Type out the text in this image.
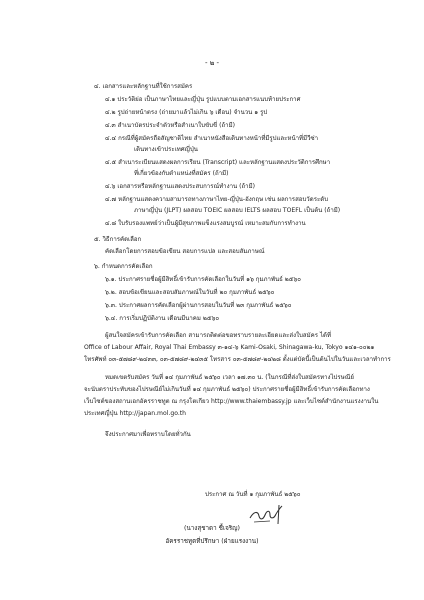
- ๒ -
๔. เอกสารและหลักฐานที่ใช้การสมัคร
๔.๑ ประวัติย่อ เป็นภาษาไทยและญี่ปุ่น รูปแบบตามเอกสารแนบท้ายประกาศ
๔.๒ รูปถ่ายหน้าตรง (ถ่ายมาแล้วไม่เกิน ๖ เดือน) จำนวน ๑ รูป
๔.๓ สำเนาบัตรประจำตัวหรือสำเนาใบขับขี่ (ถ้ามี)
๔.๔ กรณีที่ผู้สมัครถือสัญชาติไทย สำเนาหนังสือเดินทางหน้าที่มีรูปและหน้าที่มีวีซ่า
เดินทางเข้าประเทศญี่ปุ่น
๔.๕ สำเนาระเบียนแสดงผลการเรียน (Transcript) และหลักฐานแสดงประวัติการศึกษา
ที่เกี่ยวข้องกับตำแหน่งที่สมัคร (ถ้ามี)
๔.๖ เอกสารหรือหลักฐานแสดงประสบการณ์ทำงาน (ถ้ามี)
๔.๗ หลักฐานแสดงความสามารถทางภาษาไทย-ญี่ปุ่น-อังกฤษ เช่น ผลการสอบวัดระดับ
ภาษาญี่ปุ่น (JLPT) ผลสอบ TOEIC ผลสอบ IELTS ผลสอบ TOEFL เป็นต้น (ถ้ามี)
๔.๘ ใบรับรองแพทย์ว่าเป็นผู้มีสุขภาพแข็งแรงสมบูรณ์ เหมาะสมกับการทำงาน
๕. วิธีการคัดเลือก
คัดเลือกโดยการสอบข้อเขียน สอบการแปล และสอบสัมภาษณ์
๖. กำหนดการคัดเลือก
๖.๑. ประกาศรายชื่อผู้มีสิทธิ์เข้ารับการคัดเลือกในวันที่ ๑๖ กุมภาพันธ์ ๒๕๖๐
๖.๒. สอบข้อเขียนและสอบสัมภาษณ์ในวันที่ ๒๐ กุมภาพันธ์ ๒๕๖๐
๖.๓. ประกาศผลการคัดเลือกผู้ผ่านการสอบในวันที่ ๒๓ กุมภาพันธ์ ๒๕๖๐
๖.๔. การเริ่มปฏิบัติงาน เดือนมีนาคม ๒๕๖๐
ผู้สนใจสมัครเข้ารับการคัดเลือก สามารถติดต่อขอทราบรายละเอียดและส่งใบสมัคร ได้ที่
Office of Labour Affair, Royal Thai Embassy ๓-๑๔-๖ Kami-Osaki, Shinagawa-ku, Tokyo ๑๔๑-๐๐๒๑
โทรศัพท์ ๐๓-๕๗๘๙-๒๔๓๓, ๐๓-๕๗๘๙-๒๔๓๕ โทรสาร ๐๓-๕๗๘๙-๒๔๒๘ ตั้งแต่บัดนี้เป็นต้นไปในวันและเวลาทำการ
หมดเขตรับสมัคร วันที่ ๑๔ กุมภาพันธ์ ๒๕๖๐ เวลา ๑๗.๓๐ น. (ในกรณีที่ส่งใบสมัครทางไปรษณีย์
จะนับตราประทับของไปรษณีย์ไม่เกินวันที่ ๑๔ กุมภาพันธ์ ๒๕๖๐) ประกาศรายชื่อผู้มีสิทธิ์เข้ารับการคัดเลือกทาง
เว็บไซต์ของสถานเอกอัครราชทูต ณ กรุงโตเกียว http://www.thaiembassy.jp และเว็บไซต์สำนักงานแรงงานใน
ประเทศญี่ปุ่น http://japan.mol.go.th
จึงประกาศมาเพื่อทราบโดยทั่วกัน
ประกาศ ณ วันที่ ๑ กุมภาพันธ์ ๒๕๖๐
(นางสุชาดา ชื้เจริญ)
อัครราชทูตที่ปรึกษา (ฝ่ายแรงงาน)
